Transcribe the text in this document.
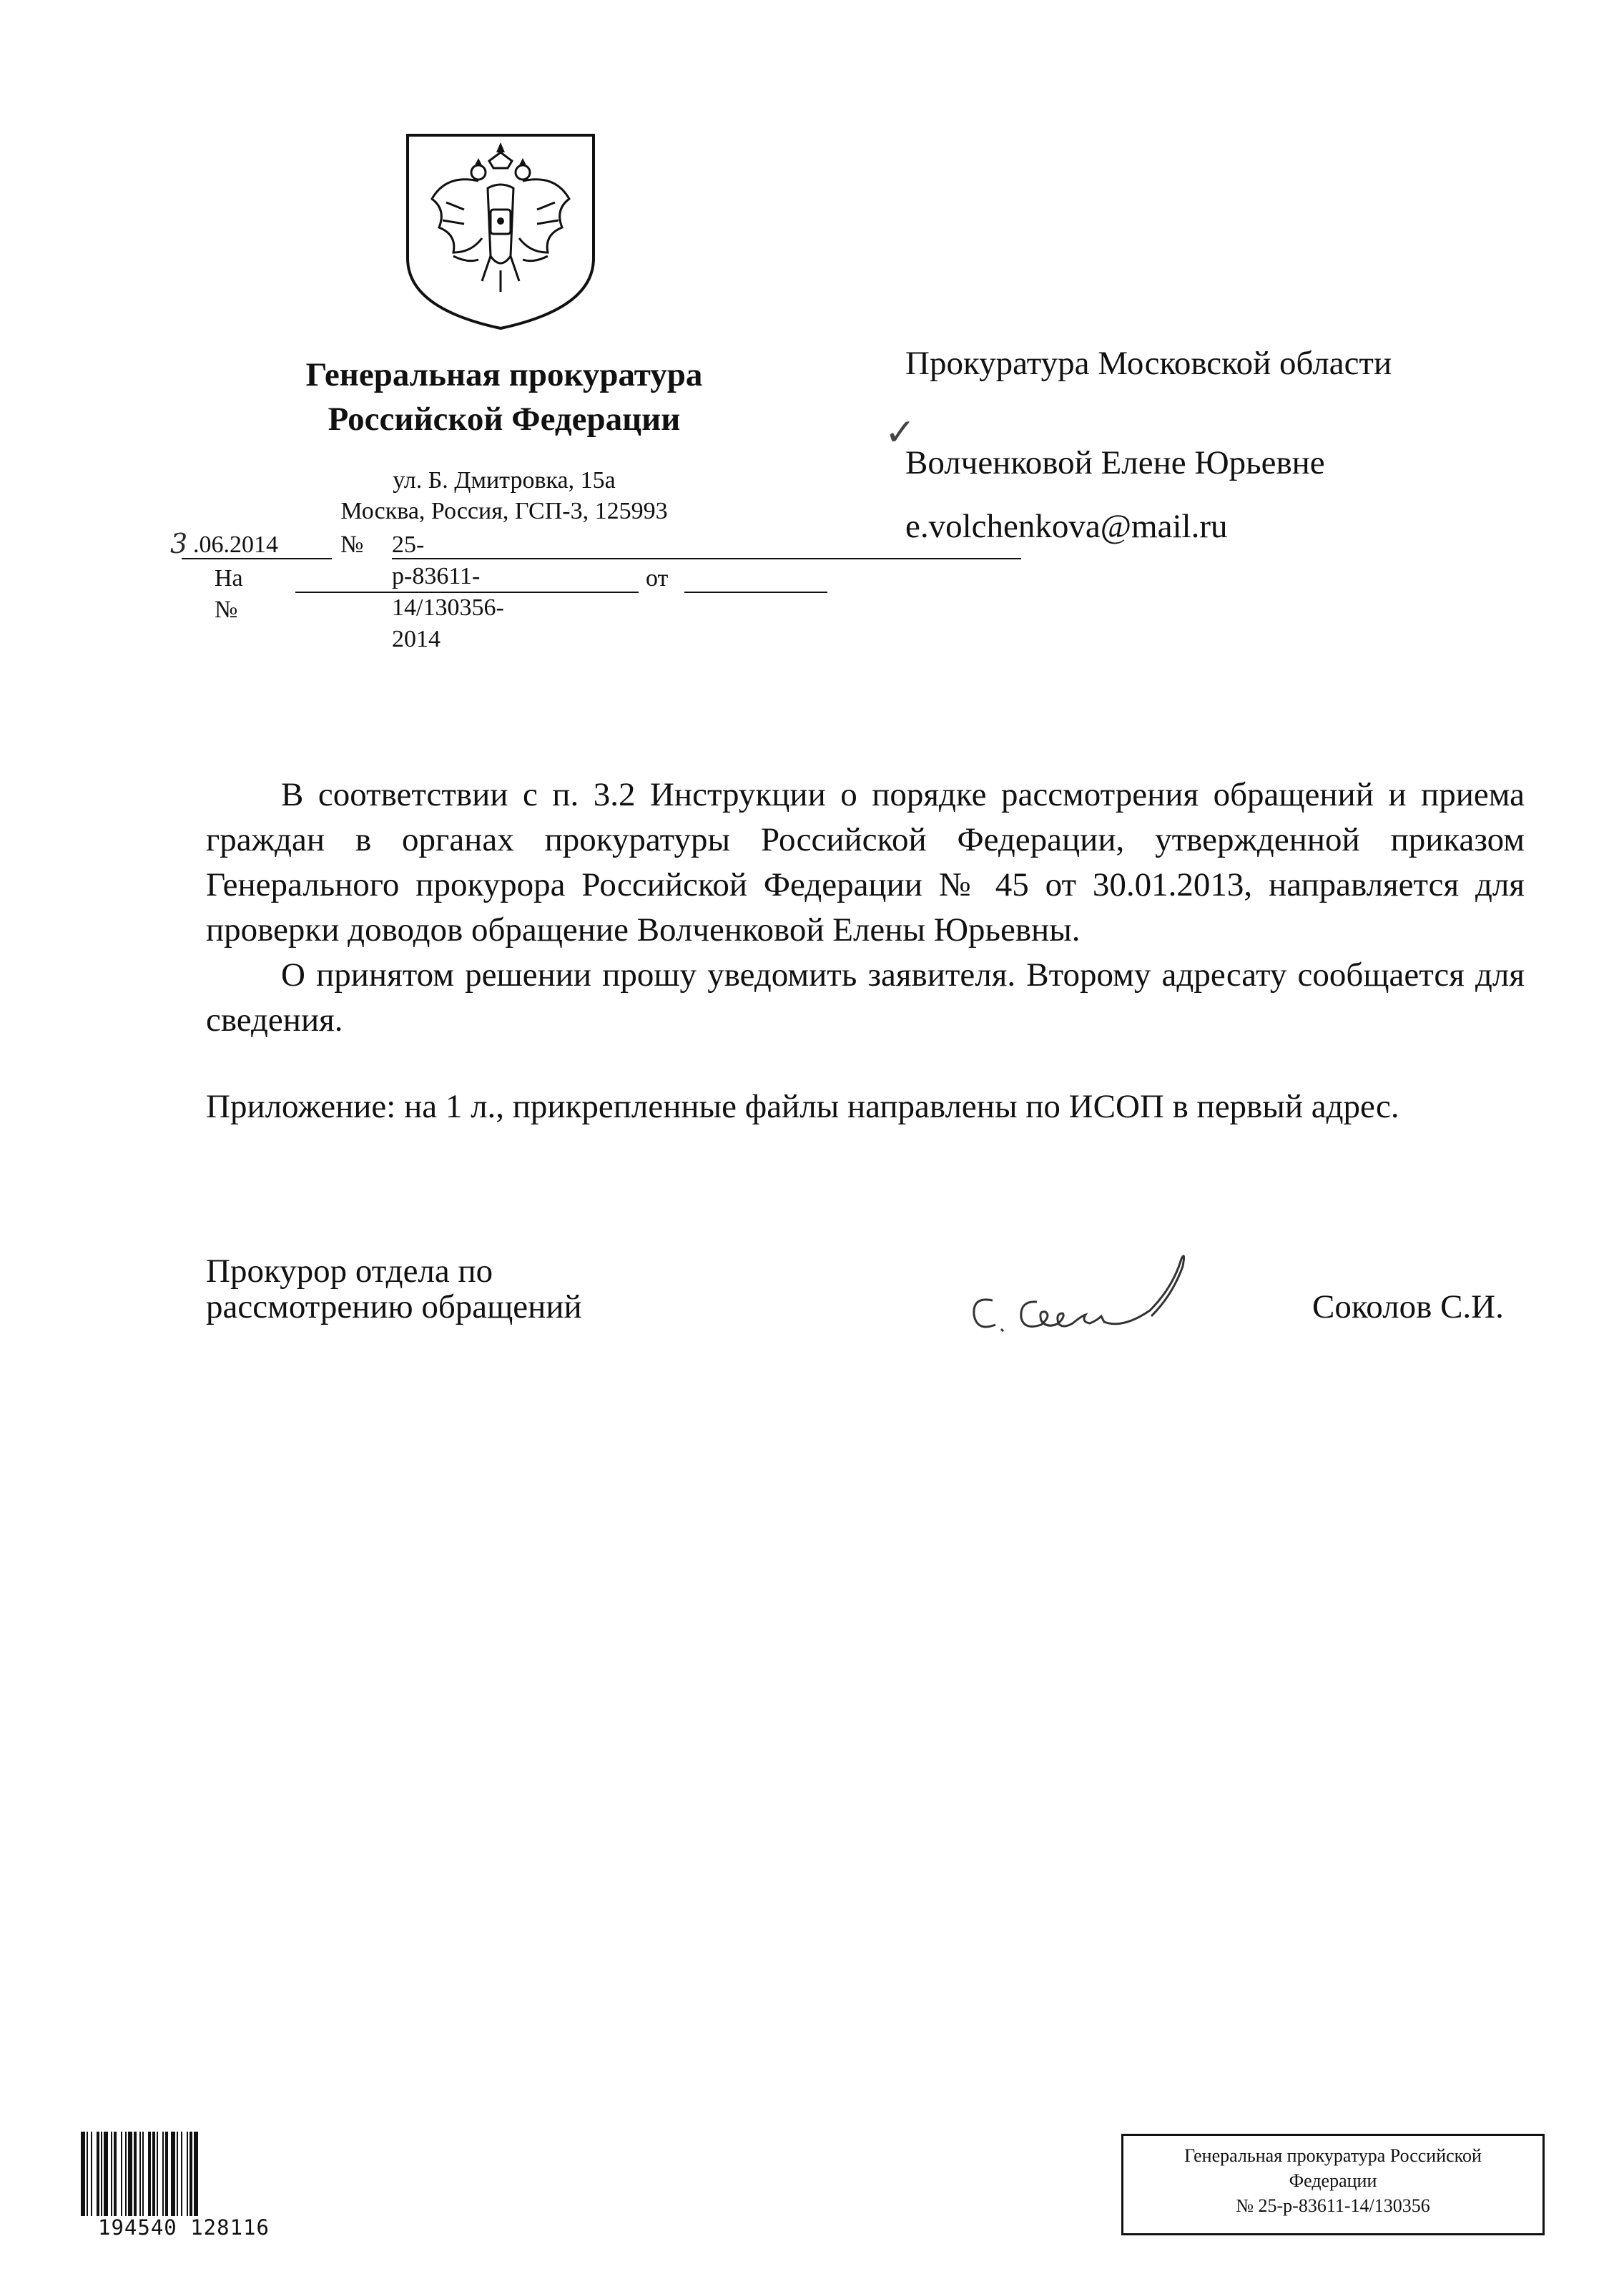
Генеральная прокуратура
Российской Федерации
ул. Б. Дмитровка, 15а
Москва, Россия, ГСП-3, 125993
3 .06.2014	№ 25-р-83611-14/130356-2014
На №
от
Прокуратура Московской области
✓
Волченковой Елене Юрьевне
e.volchenkova@mail.ru

В соответствии с п. 3.2 Инструкции о порядке рассмотрения обращений и приема граждан в органах прокуратуры Российской Федерации, утвержденной приказом Генерального прокурора Российской Федерации № 45 от 30.01.2013, направляется для проверки доводов обращение Волченковой Елены Юрьевны.

О принятом решении прошу уведомить заявителя. Второму адресату сообщается для сведения.

Приложение: на 1 л., прикрепленные файлы направлены по ИСОП в первый адрес.

Прокурор отдела по
рассмотрению обращений	Соколов С.И.
194540 128116
Генеральная прокуратура Российской
Федерации
№ 25-р-83611-14/130356
